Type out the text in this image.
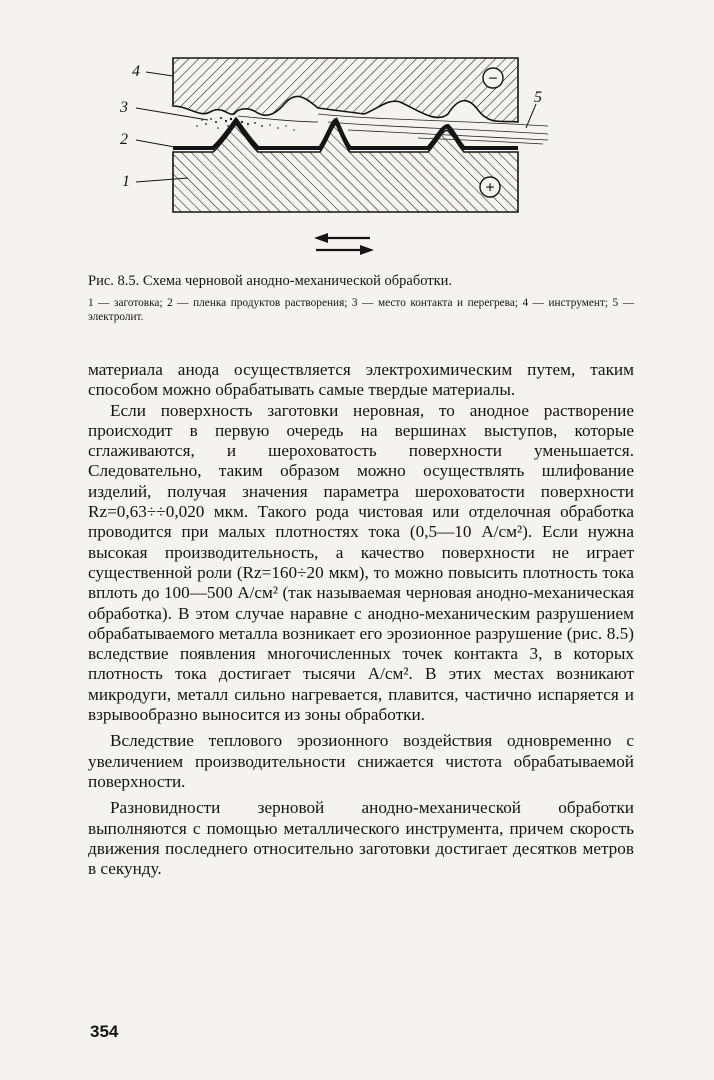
−
+
4
3
2
1
5
Рис. 8.5. Схема черновой анодно-механической обработки.
1 — заготовка; 2 — пленка продуктов растворения; 3 — место контакта и перегрева; 4 — инструмент; 5 — электролит.

материала анода осуществляется электрохимическим путем, таким способом можно обрабатывать самые твердые материалы.

Если поверхность заготовки неровная, то анодное растворение происходит в первую очередь на вершинах выступов, которые сглаживаются, и шероховатость поверхности уменьшается. Следовательно, таким образом можно осуществлять шлифование изделий, получая значения параметра шероховатости поверхности Rz=0,63÷÷0,020 мкм. Такого рода чистовая или отделочная обработка проводится при малых плотностях тока (0,5—10 А/см²). Если нужна высокая производительность, а качество поверхности не играет существенной роли (Rz=160÷20 мкм), то можно повысить плотность тока вплоть до 100—500 А/см² (так называемая черновая анодно-механическая обработка). В этом случае наравне с анодно-механическим разрушением обрабатываемого металла возникает его эрозионное разрушение (рис. 8.5) вследствие появления многочисленных точек контакта 3, в которых плотность тока достигает тысячи А/см². В этих местах возникают микродуги, металл сильно нагревается, плавится, частично испаряется и взрывообразно выносится из зоны обработки.

Вследствие теплового эрозионного воздействия одновременно с увеличением производительности снижается чистота обрабатываемой поверхности.

Разновидности зерновой анодно-механической обработки выполняются с помощью металлического инструмента, причем скорость движения последнего относительно заготовки достигает десятков метров в секунду.

354
